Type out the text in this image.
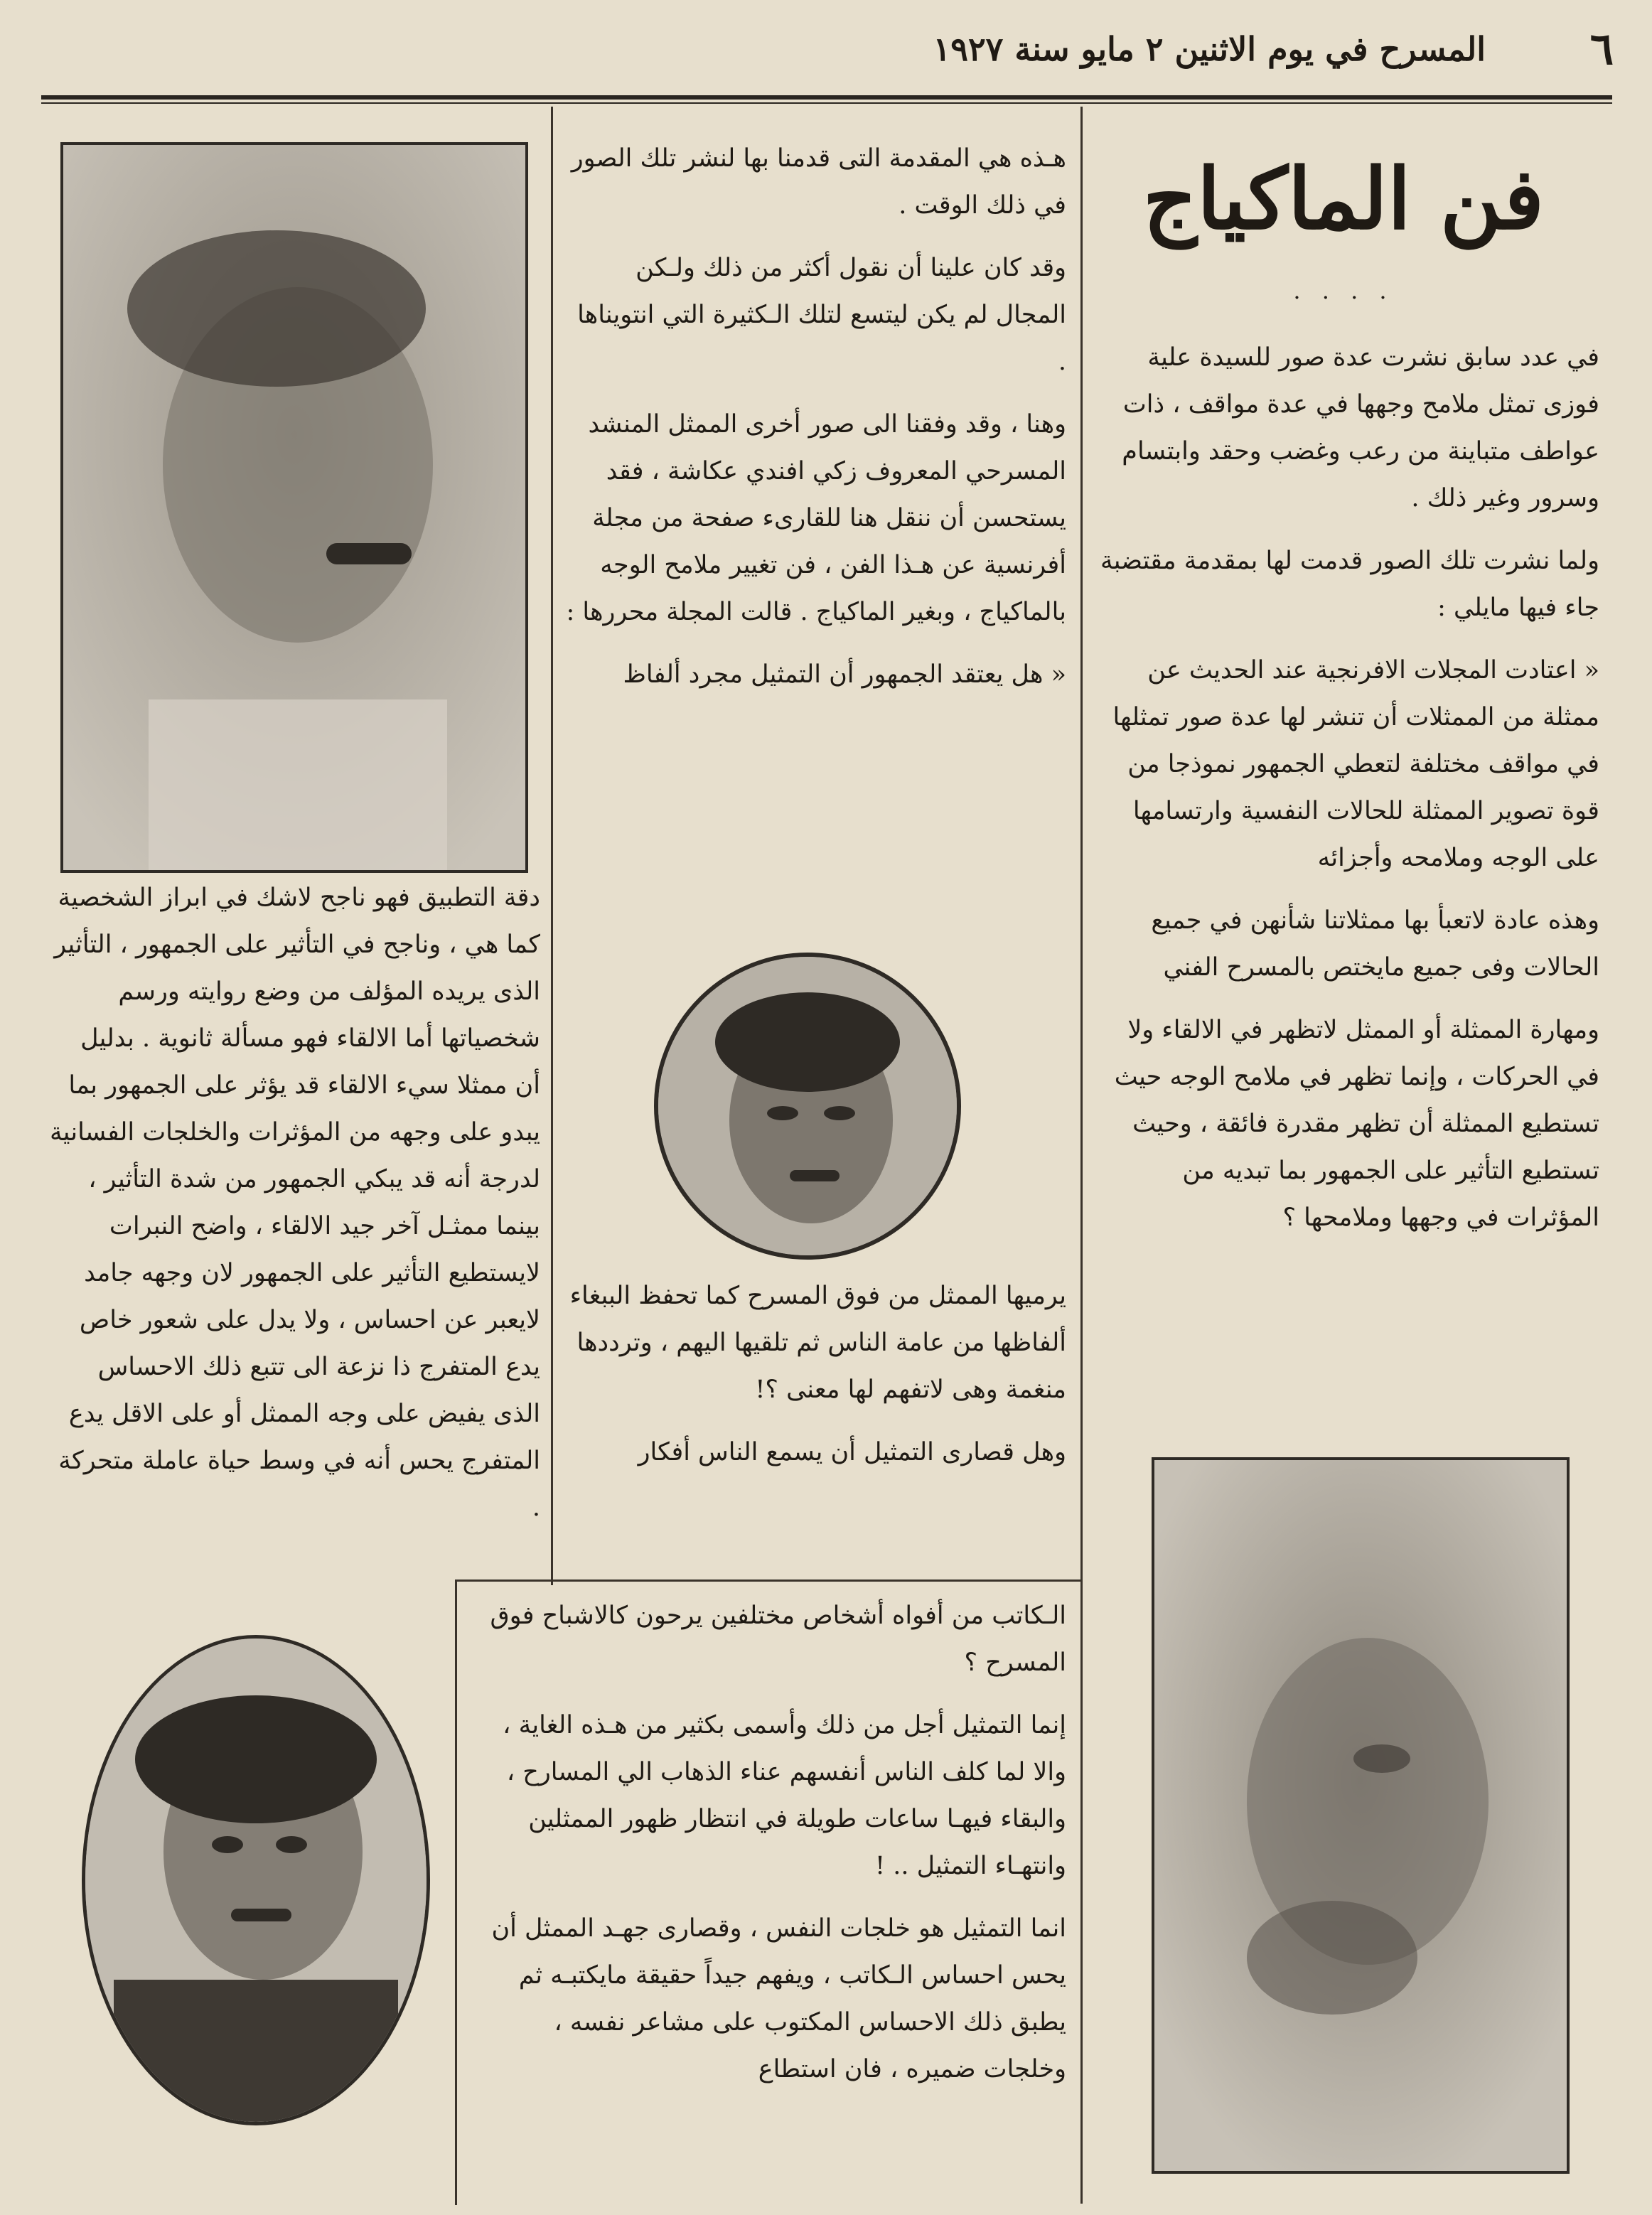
٦
المسرح في يوم الاثنين ٢ مايو سنة ١٩٢٧
فن الماكياج
. . . .

في عدد سابق نشرت عدة صور للسيدة علية فوزى تمثل ملامح وجهها في عدة مواقف ، ذات عواطف متباينة من رعب وغضب وحقد وابتسام وسرور وغير ذلك .

ولما نشرت تلك الصور قدمت لها بمقدمة مقتضبة جاء فيها مايلي :

« اعتادت المجلات الافرنجية عند الحديث عن ممثلة من الممثلات أن تنشر لها عدة صور تمثلها في مواقف مختلفة لتعطي الجمهور نموذجا من قوة تصوير الممثلة للحالات النفسية وارتسامها على الوجه وملامحه وأجزائه

وهذه عادة لاتعبأ بها ممثلاتنا شأنهن في جميع الحالات وفى جميع مايختص بالمسرح الفني

ومهارة الممثلة أو الممثل لاتظهر في الالقاء ولا في الحركات ، وإنما تظهر في ملامح الوجه حيث تستطيع الممثلة أن تظهر مقدرة فائقة ، وحيث تستطيع التأثير على الجمهور بما تبديه من المؤثرات في وجهها وملامحها ؟

هـذه هي المقدمة التى قدمنا بها لنشر تلك الصور في ذلك الوقت .

وقد كان علينا أن نقول أكثر من ذلك ولـكن المجال لم يكن ليتسع لتلك الـكثيرة التي انتويناها .

وهنا ، وقد وفقنا الى صور أخرى الممثل المنشد المسرحي المعروف زكي افندي عكاشة ، فقد يستحسن أن ننقل هنا للقارىء صفحة من مجلة أفرنسية عن هـذا الفن ، فن تغيير ملامح الوجه بالماكياج ، وبغير الماكياج . قالت المجلة محررها :

« هل يعتقد الجمهور أن التمثيل مجرد ألفاظ

يرميها الممثل من فوق المسرح كما تحفظ الببغاء ألفاظها من عامة الناس ثم تلقيها اليهم ، وترددها منغمة وهى لاتفهم لها معنى ؟!

وهل قصارى التمثيل أن يسمع الناس أفكار

الـكاتب من أفواه أشخاص مختلفين يرحون كالاشباح فوق المسرح ؟

إنما التمثيل أجل من ذلك وأسمى بكثير من هـذه الغاية ، والا لما كلف الناس أنفسهم عناء الذهاب الي المسارح ، والبقاء فيهـا ساعات طويلة في انتظار ظهور الممثلين وانتهـاء التمثيل .. !

انما التمثيل هو خلجات النفس ، وقصارى جهـد الممثل أن يحس احساس الـكاتب ، ويفهم جيداً حقيقة مايكتبـه ثم يطبق ذلك الاحساس المكتوب على مشاعر نفسه ، وخلجات ضميره ، فان استطاع

دقة التطبيق فهو ناجح لاشك في ابراز الشخصية كما هي ، وناجح في التأثير على الجمهور ، التأثير الذى يريده المؤلف من وضع روايته ورسم شخصياتها أما الالقاء فهو مسألة ثانوية . بدليل أن ممثلا سيء الالقاء قد يؤثر على الجمهور بما يبدو على وجهه من المؤثرات والخلجات الفسانية لدرجة أنه قد يبكي الجمهور من شدة التأثير ، بينما ممثـل آخر جيد الالقاء ، واضح النبرات لايستطيع التأثير على الجمهور لان وجهه جامد لايعبر عن احساس ، ولا يدل على شعور خاص يدع المتفرج ذا نزعة الى تتبع ذلك الاحساس الذى يفيض على وجه الممثل أو على الاقل يدع المتفرج يحس أنه في وسط حياة عاملة متحركة .
